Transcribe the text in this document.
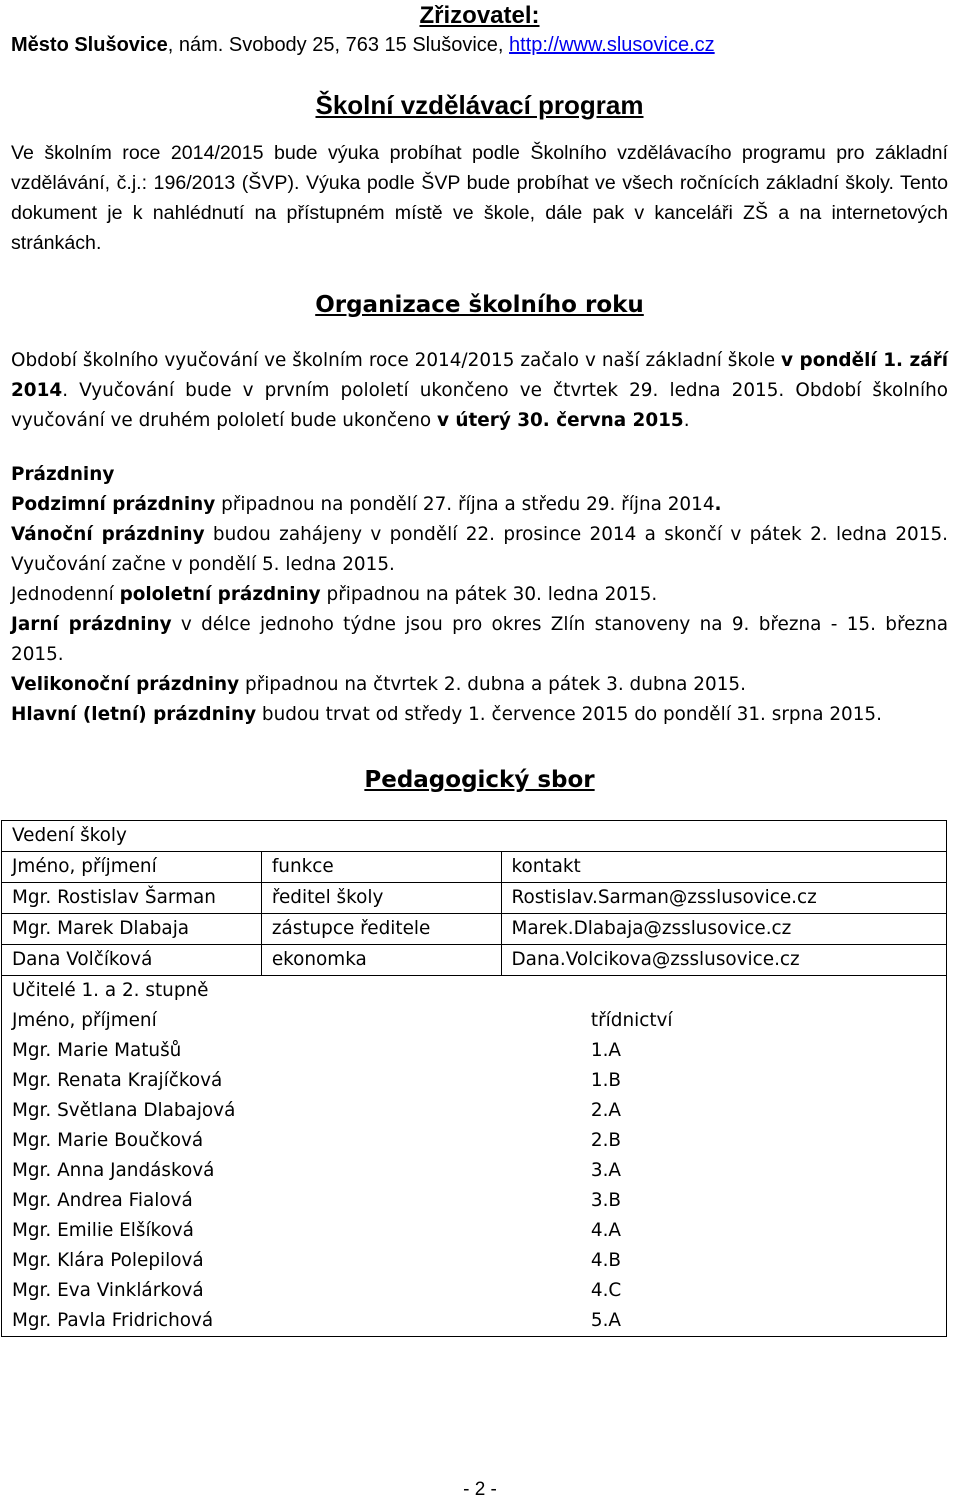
Zřizovatel:

Město Slušovice, nám. Svobody 25, 763 15 Slušovice, http://www.slusovice.cz

Školní vzdělávací program

Ve školním roce 2014/2015 bude výuka probíhat podle Školního vzdělávacího programu pro základní vzdělávání, č.j.: 196/2013 (ŠVP). Výuka podle ŠVP bude probíhat ve všech ročnících základní školy. Tento dokument je k nahlédnutí na přístupném místě ve škole, dále pak v kanceláři ZŠ a na internetových stránkách.

Organizace školního roku

Období školního vyučování ve školním roce 2014/2015 začalo v naší základní škole v pondělí 1. září 2014. Vyučování bude v prvním pololetí ukončeno ve čtvrtek 29. ledna 2015. Období školního vyučování ve druhém pololetí bude ukončeno v úterý 30. června 2015.

Prázdniny

Podzimní prázdniny připadnou na pondělí 27. října a středu 29. října 2014.

Vánoční prázdniny budou zahájeny v pondělí 22. prosince 2014 a skončí v pátek 2. ledna 2015. Vyučování začne v pondělí 5. ledna 2015.

Jednodenní pololetní prázdniny připadnou na pátek 30. ledna 2015.

Jarní prázdniny v délce jednoho týdne jsou pro okres Zlín stanoveny na 9. března - 15. března 2015.

Velikonoční prázdniny připadnou na čtvrtek 2. dubna a pátek 3. dubna 2015.

Hlavní (letní) prázdniny budou trvat od středy 1. července 2015 do pondělí 31. srpna 2015.

Pedagogický sbor
Vedení školy			
Jméno, příjmení	funkce	kontakt	
Mgr. Rostislav Šarman	ředitel školy	Rostislav.Sarman@zsslusovice.cz	
Mgr. Marek Dlabaja	zástupce ředitele	Marek.Dlabaja@zsslusovice.cz	
Dana Volčíková	ekonomka	Dana.Volcikova@zsslusovice.cz	
Učitelé 1. a 2. stupně			
Jméno, příjmení			třídnictví
Mgr. Marie Matušů			1.A
Mgr. Renata Krajíčková			1.B
Mgr. Světlana Dlabajová			2.A
Mgr. Marie Boučková			2.B
Mgr. Anna Jandásková			3.A
Mgr. Andrea Fialová			3.B
Mgr. Emilie Elšíková			4.A
Mgr. Klára Polepilová			4.B
Mgr. Eva Vinklárková			4.C
Mgr. Pavla Fridrichová			5.A
- 2 -
